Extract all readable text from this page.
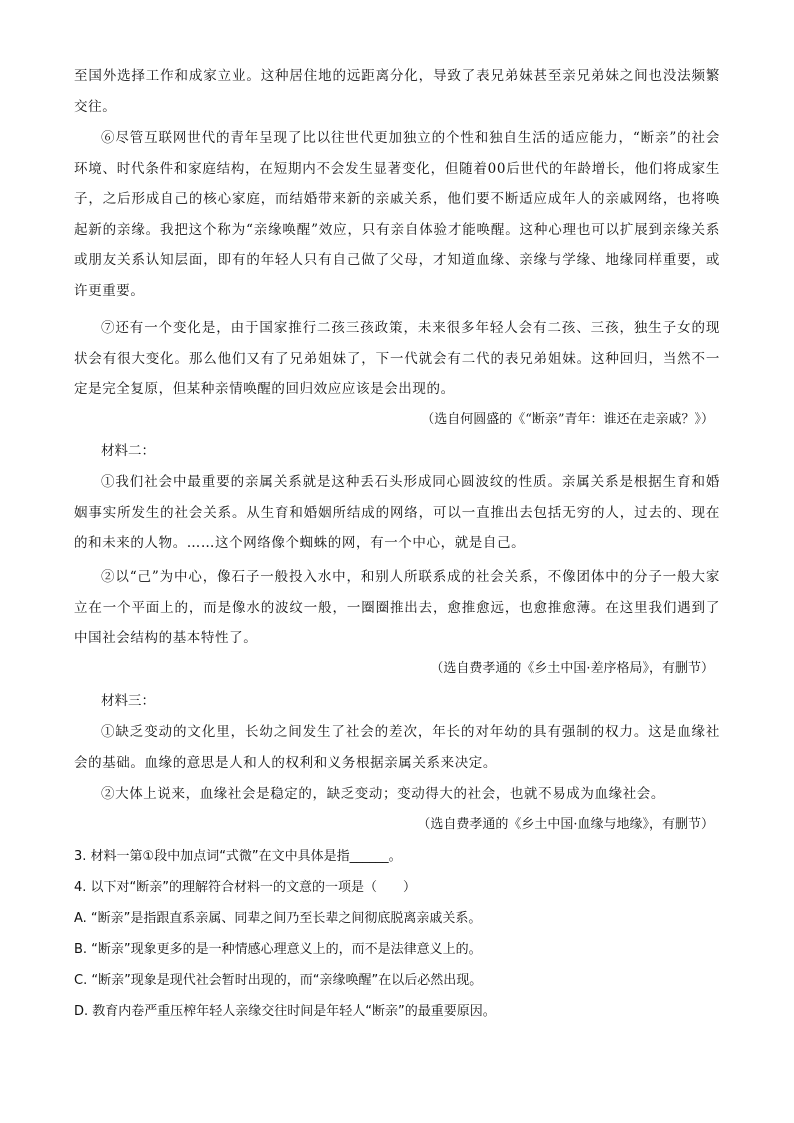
至国外选择工作和成家立业。这种居住地的远距离分化，导致了表兄弟妹甚至亲兄弟妹之间也没法频繁交往。

⑥尽管互联网世代的青年呈现了比以往世代更加独立的个性和独自生活的适应能力，“断亲”的社会环境、时代条件和家庭结构，在短期内不会发生显著变化，但随着00后世代的年龄增长，他们将成家生子，之后形成自己的核心家庭，而结婚带来新的亲戚关系，他们要不断适应成年人的亲戚网络，也将唤起新的亲缘。我把这个称为“亲缘唤醒”效应，只有亲自体验才能唤醒。这种心理也可以扩展到亲缘关系或朋友关系认知层面，即有的年轻人只有自己做了父母，才知道血缘、亲缘与学缘、地缘同样重要，或许更重要。

⑦还有一个变化是，由于国家推行二孩三孩政策，未来很多年轻人会有二孩、三孩，独生子女的现状会有很大变化。那么他们又有了兄弟姐妹了，下一代就会有二代的表兄弟姐妹。这种回归，当然不一定是完全复原，但某种亲情唤醒的回归效应应该是会出现的。

（选自何圆盛的《“断亲”青年：谁还在走亲戚？》）

材料二：

①我们社会中最重要的亲属关系就是这种丢石头形成同心圆波纹的性质。亲属关系是根据生育和婚姻事实所发生的社会关系。从生育和婚姻所结成的网络，可以一直推出去包括无穷的人，过去的、现在的和未来的人物。……这个网络像个蜘蛛的网，有一个中心，就是自己。

②以“己”为中心，像石子一般投入水中，和别人所联系成的社会关系，不像团体中的分子一般大家立在一个平面上的，而是像水的波纹一般，一圈圈推出去，愈推愈远，也愈推愈薄。在这里我们遇到了中国社会结构的基本特性了。

（选自费孝通的《乡土中国·差序格局》，有删节）

材料三：

①缺乏变动的文化里，长幼之间发生了社会的差次，年长的对年幼的具有强制的权力。这是血缘社会的基础。血缘的意思是人和人的权利和义务根据亲属关系来决定。

②大体上说来，血缘社会是稳定的，缺乏变动；变动得大的社会，也就不易成为血缘社会。

（选自费孝通的《乡土中国·血缘与地缘》，有删节）

3. 材料一第①段中加点词“式微”在文中具体是指______。

4. 以下对“断亲”的理解符合材料一的文意的一项是（　　）

A. “断亲”是指跟直系亲属、同辈之间乃至长辈之间彻底脱离亲戚关系。

B. “断亲”现象更多的是一种情感心理意义上的，而不是法律意义上的。

C. “断亲”现象是现代社会暂时出现的，而“亲缘唤醒”在以后必然出现。

D. 教育内卷严重压榨年轻人亲缘交往时间是年轻人“断亲”的最重要原因。
